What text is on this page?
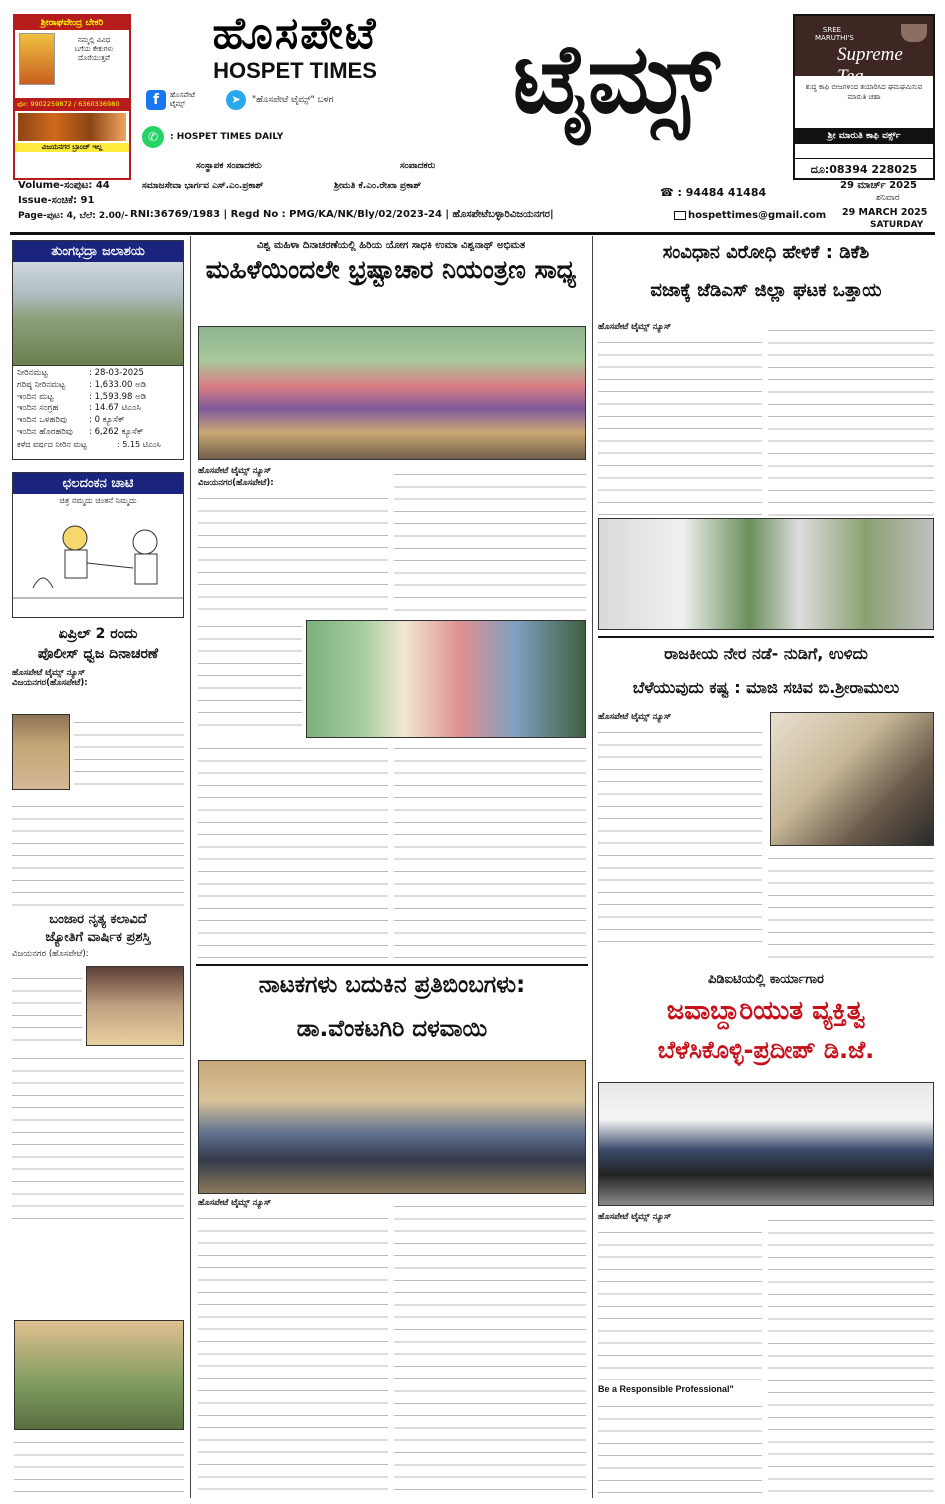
ಶ್ರೀರಾಘವೇಂದ್ರ ಬೇಕರಿ
ನಮ್ಮಲ್ಲಿ ವಿವಿಧ
ಬಗೆಯ ಕೇಕುಗಳು
ದೊರೆಯುತ್ತವೆ
ಫೋ: 9902259872 / 6360336980
ವಿಜಯನಗರ ಬ್ರಾಂಚ್ ಇಲ್ಲ
ಹೊಸಪೇಟೆ
HOSPET TIMES
f	ಹೊಸಪೇಟೆ ಟೈಮ್ಸ್	➤	"ಹೊಸಪೇಟೆ ಟೈಮ್ಸ್" ಬಳಗ
✆	: HOSPET TIMES DAILY
ಟೈಮ್ಸ್	SREE MARUTHI'S
Supreme Tea
ಶುದ್ಧ ಕಾಫಿ ಬೀಜಗಳಿಂದ ತಯಾರಿಸಿದ ಘಮಘಮಿಸುವ ಮಾರುತಿ ಚಹಾ
ಶ್ರೀ ಮಾರುತಿ ಕಾಫಿ ವರ್ಕ್ಸ್
ದೂ:08394 228025
ಸಂಸ್ಥಾಪಕ ಸಂಪಾದಕರು	ಸಂಪಾದಕರು
Volume-ಸಂಪುಟ: 44	ಸಮಾಜಸೇವಾ ಭಾರ್ಗವ ಎಸ್.ಎಂ.ಪ್ರಕಾಶ್	ಶ್ರೀಮತಿ ಕೆ.ಎಂ.ರೇಖಾ ಪ್ರಕಾಶ್	☎ : 94484 41484
29 ಮಾರ್ಚ್ 2025
ಶನಿವಾರ
Issue-ಸಂಚಿಕೆ: 91
Page-ಪುಟ: 4, ಬೆಲೆ: 2.00/- RNI:36769/1983 | Regd No : PMG/KA/NK/Bly/02/2023-24 | ಹೊಸಪೇಟೆಬಳ್ಳಾರಿವಿಜಯನಗರ|	hospettimes@gmail.com 29 MARCH 2025
SATURDAY
ತುಂಗಭದ್ರಾ ಜಲಾಶಯ
ನೀರಿನಮಟ್ಟ	: 28-03-2025
ಗರಿಷ್ಠ ನೀರಿನಮಟ್ಟ	: 1,633.00 ಅಡಿ
ಇಂದಿನ ಮಟ್ಟ	: 1,593.98 ಅಡಿ
ಇಂದಿನ ಸಂಗ್ರಹ	: 14.67 ಟಿಎಂಸಿ
ಇಂದಿನ ಒಳಹರಿವು	: 0 ಕ್ಯೂಸೆಕ್
ಇಂದಿನ ಹೊರಹರಿವು	: 6,262 ಕ್ಯೂಸೆಕ್
ಕಳೆದ ವರ್ಷದ ನೀರಿನ ಮಟ್ಟ	: 5.15 ಟಿಎಂಸಿ
ಛಲದಂಕನ ಚಾಟಿ
ಚಿತ್ರ ನಮ್ಮದು ಚಿಂತನೆ ನಿಮ್ಮದು
ಏಪ್ರಿಲ್ 2 ರಂದು
ಪೊಲೀಸ್ ಧ್ವಜ ದಿನಾಚರಣೆ
ಹೊಸಪೇಟೆ ಟೈಮ್ಸ್ ನ್ಯೂಸ್
ವಿಜಯನಗರ(ಹೊಸಪೇಟೆ):
ಬಂಜಾರ ನೃತ್ಯ ಕಲಾವಿದೆ
ಜ್ಯೋತಿಗೆ ವಾರ್ಷಿಕ ಪ್ರಶಸ್ತಿ
ವಿಜಯನಗರ (ಹೊಸಪೇಟೆ):
ವಿಶ್ವ ಮಹಿಳಾ ದಿನಾಚರಣೆಯಲ್ಲಿ ಹಿರಿಯ ಯೋಗ ಸಾಧಕಿ ಉಮಾ ವಿಶ್ವನಾಥ್ ಅಭಿಮತ
ಮಹಿಳೆಯಿಂದಲೇ ಭ್ರಷ್ಟಾಚಾರ ನಿಯಂತ್ರಣ ಸಾಧ್ಯ
ಹೊಸಪೇಟೆ ಟೈಮ್ಸ್ ನ್ಯೂಸ್
ವಿಜಯನಗರ(ಹೊಸಪೇಟೆ):
ನಾಟಕಗಳು ಬದುಕಿನ ಪ್ರತಿಬಿಂಬಗಳು:
ಡಾ.ವೆಂಕಟಗಿರಿ ದಳವಾಯಿ
ಹೊಸಪೇಟೆ ಟೈಮ್ಸ್ ನ್ಯೂಸ್
ಸಂವಿಧಾನ ವಿರೋಧಿ ಹೇಳಿಕೆ : ಡಿಕೆಶಿ
ವಜಾಕ್ಕೆ ಜೆಡಿಎಸ್ ಜಿಲ್ಲಾ ಘಟಕ ಒತ್ತಾಯ
ಹೊಸಪೇಟೆ ಟೈಮ್ಸ್ ನ್ಯೂಸ್
ರಾಜಕೀಯ ನೇರ ನಡೆ- ನುಡಿಗೆ, ಉಳಿದು
ಬೆಳೆಯುವುದು ಕಷ್ಟ : ಮಾಜಿ ಸಚಿವ ಬಿ.ಶ್ರೀರಾಮುಲು
ಹೊಸಪೇಟೆ ಟೈಮ್ಸ್ ನ್ಯೂಸ್
ಪಿಡಿಐಟಿಯಲ್ಲಿ ಕಾರ್ಯಾಗಾರ
ಜವಾಬ್ದಾರಿಯುತ ವ್ಯಕ್ತಿತ್ವ
ಬೆಳೆಸಿಕೊಳ್ಳಿ-ಪ್ರದೀಪ್ ಡಿ.ಜೆ.
ಹೊಸಪೇಟೆ ಟೈಮ್ಸ್ ನ್ಯೂಸ್
Be a Responsible Professional"
